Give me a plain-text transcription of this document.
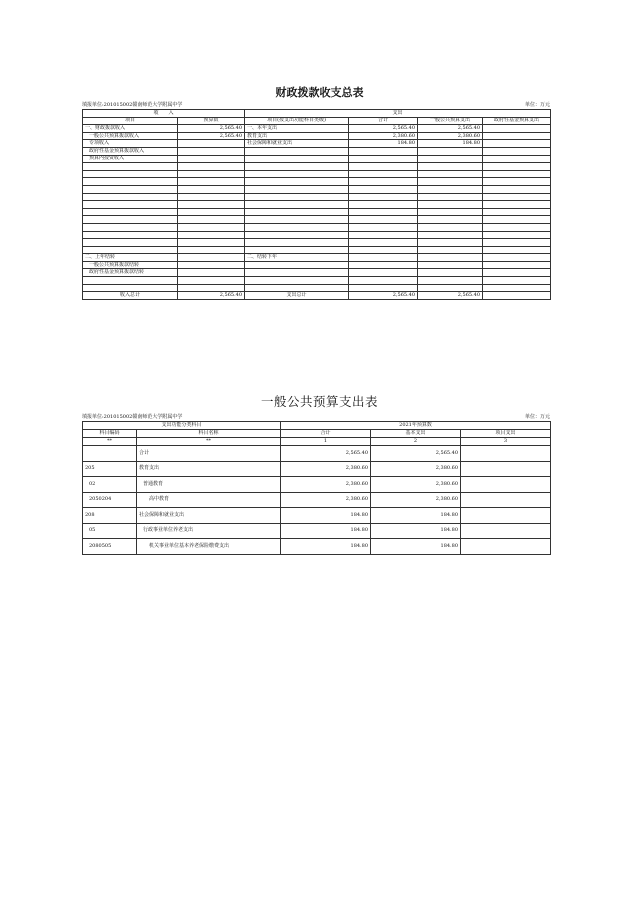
财政拨款收支总表
填报单位:201015002赣南师范大学附属中学	单位：万元
收　　入		支出			
项目	预算数	项目(按支出功能科目类级)	合计	一般公共预算支出	政府性基金预算支出
一、财政拨款收入	2,565.40	一、本年支出	2,565.40	2,565.40	
一般公共预算拨款收入	2,565.40	教育支出	2,380.60	2,380.60	
专项收入		社会保障和就业支出	184.80	184.80	
政府性基金预算拨款收入					
预算内投资收入					

二、上年结转		二、结转下年			
一般公共预算拨款结转					
政府性基金预算拨款结转					

收入总计	2,565.40	支出总计	2,565.40	2,565.40	
一般公共预算支出表
填报单位:201015002赣南师范大学附属中学	单位：万元
支出功能分类科目		2021年预算数		
科目编码	科目名称	合计	基本支出	项目支出
**	**	1	2	3
	合计	2,565.40	2,565.40	
205	教育支出	2,380.60	2,380.60	
02	普通教育	2,380.60	2,380.60	
2050204	高中教育	2,380.60	2,380.60	
208	社会保障和就业支出	184.80	184.80	
05	行政事业单位养老支出	184.80	184.80	
2080505	机关事业单位基本养老保险缴费支出	184.80	184.80	
